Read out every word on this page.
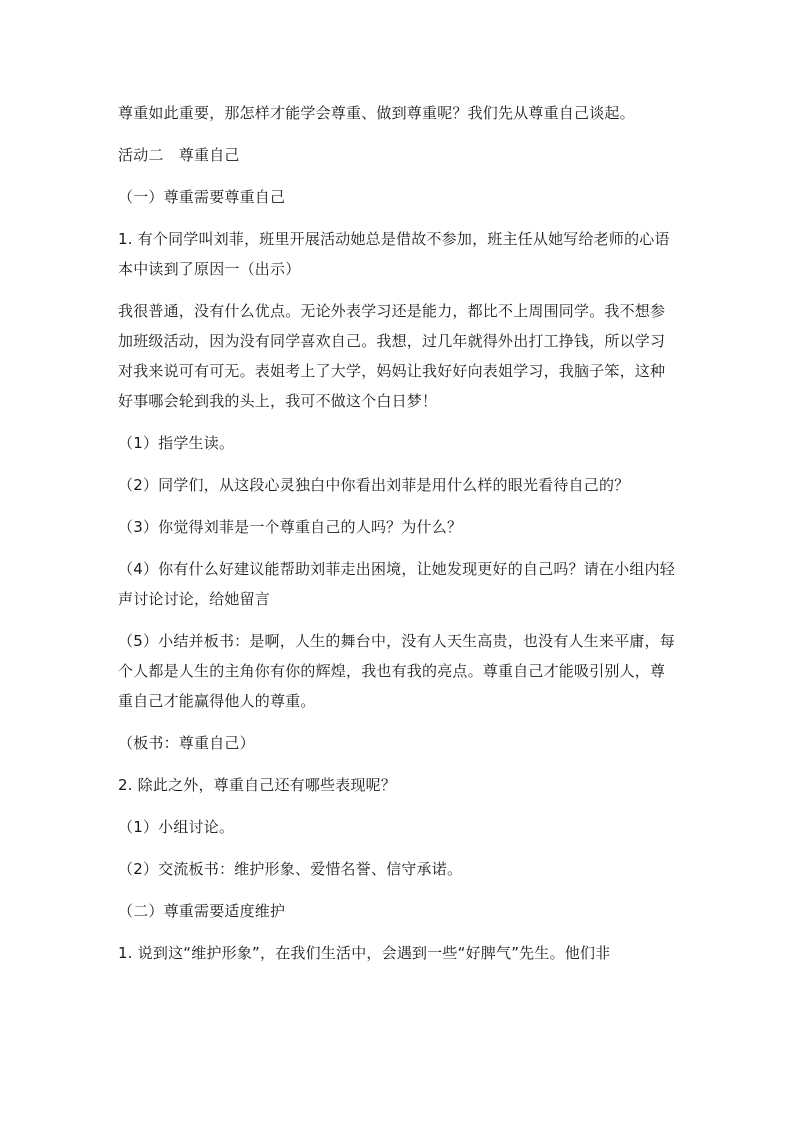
尊重如此重要，那怎样才能学会尊重、做到尊重呢？我们先从尊重自己谈起。

活动二　尊重自己

（一）尊重需要尊重自己

1. 有个同学叫刘菲，班里开展活动她总是借故不参加，班主任从她写给老师的心语本中读到了原因一（出示）

我很普通，没有什么优点。无论外表学习还是能力，都比不上周围同学。我不想参加班级活动，因为没有同学喜欢自己。我想，过几年就得外出打工挣钱，所以学习对我来说可有可无。表姐考上了大学，妈妈让我好好向表姐学习，我脑子笨，这种好事哪会轮到我的头上，我可不做这个白日梦！

（1）指学生读。

（2）同学们，从这段心灵独白中你看出刘菲是用什么样的眼光看待自己的？

（3）你觉得刘菲是一个尊重自己的人吗？为什么？

（4）你有什么好建议能帮助刘菲走出困境，让她发现更好的自己吗？请在小组内轻声讨论讨论，给她留言

（5）小结并板书：是啊，人生的舞台中，没有人天生高贵，也没有人生来平庸，每个人都是人生的主角你有你的辉煌，我也有我的亮点。尊重自己才能吸引别人，尊重自己才能赢得他人的尊重。

（板书：尊重自己）

2. 除此之外，尊重自己还有哪些表现呢？

（1）小组讨论。

（2）交流板书：维护形象、爱惜名誉、信守承诺。

（二）尊重需要适度维护

1. 说到这“维护形象”，在我们生活中，会遇到一些“好脾气”先生。他们非
